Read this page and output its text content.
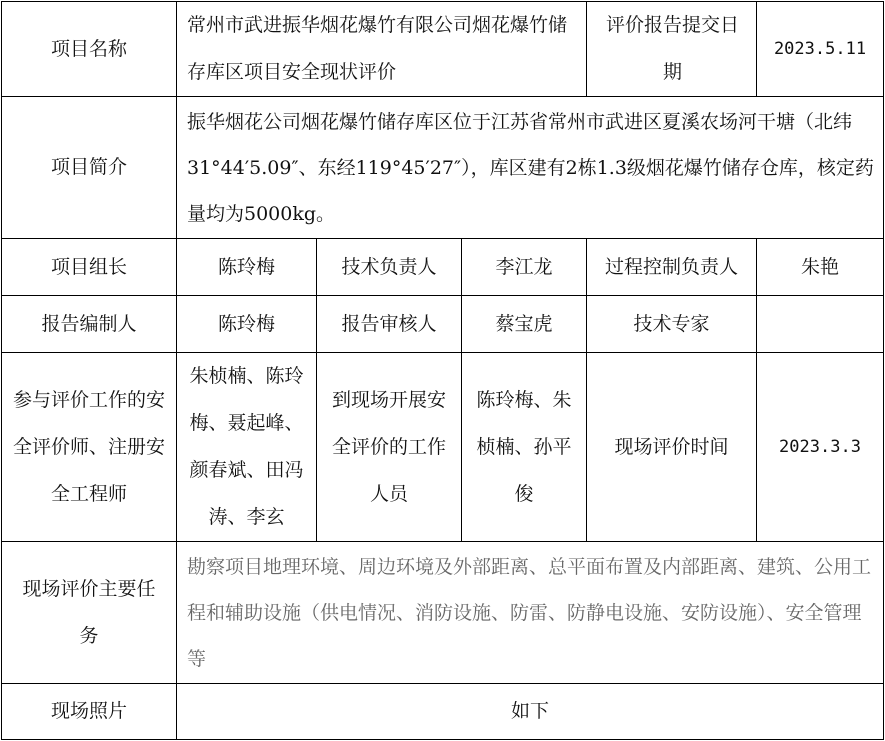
项目名称	常州市武进振华烟花爆竹有限公司烟花爆竹储存库区项目安全现状评价			评价报告提交日期	2023.5.11
项目简介	振华烟花公司烟花爆竹储存库区位于江苏省常州市武进区夏溪农场河干塘（北纬31°44′5.09″、东经119°45′27″），库区建有2栋1.3级烟花爆竹储存仓库，核定药量均为5000kg。				
项目组长	陈玲梅	技术负责人	李江龙	过程控制负责人	朱艳
报告编制人	陈玲梅	报告审核人	蔡宝虎	技术专家	
参与评价工作的安全评价师、注册安全工程师	朱桢楠、陈玲梅、聂起峰、颜春斌、田冯涛、李玄	到现场开展安全评价的工作人员	陈玲梅、朱桢楠、孙平俊	现场评价时间	2023.3.3
现场评价主要任务	勘察项目地理环境、周边环境及外部距离、总平面布置及内部距离、建筑、公用工程和辅助设施（供电情况、消防设施、防雷、防静电设施、安防设施）、安全管理等				
现场照片	如下				
